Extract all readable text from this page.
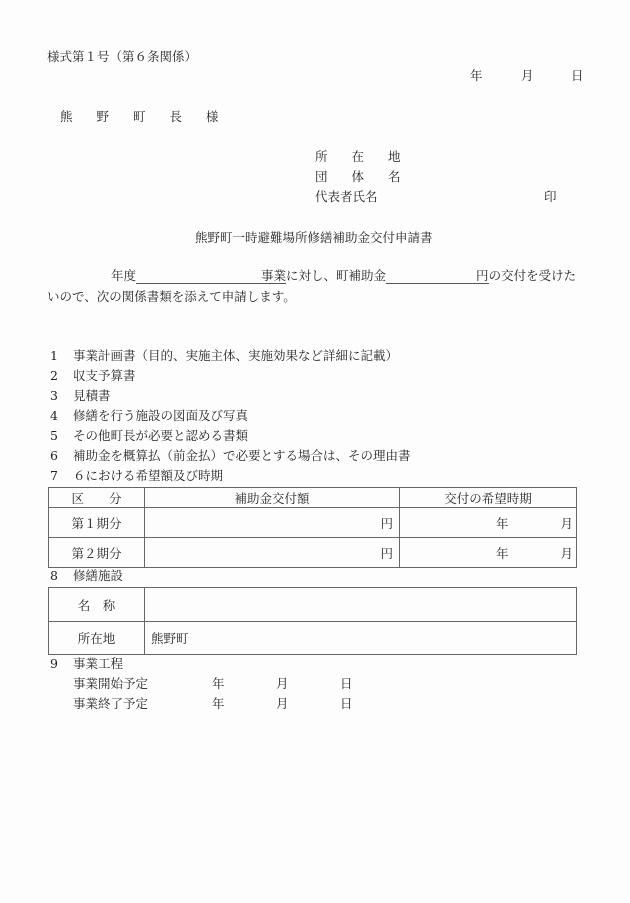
様式第１号（第６条関係）
年	月	日
熊 野 町 長 様
所 在 地
団 体 名
代表者氏名	印
熊野町一時避難場所修繕補助金交付申請書
年度	事業に対し、町補助金	円の交付を受けた
いので、次の関係書類を添えて申請します。
1 事業計画書（目的、実施主体、実施効果など詳細に記載）
2 収支予算書
3 見積書
4 修繕を行う施設の図面及び写真
5 その他町長が必要と認める書類
6 補助金を概算払（前金払）で必要とする場合は、その理由書
7 ６における希望額及び時期
区　　分	補助金交付額	交付の希望時期
第１期分	円	年 月
第２期分	円	年 月
8 修繕施設
名　称	
所在地	熊野町
9 事業工程
事業開始予定	年	月	日
事業終了予定	年	月	日
